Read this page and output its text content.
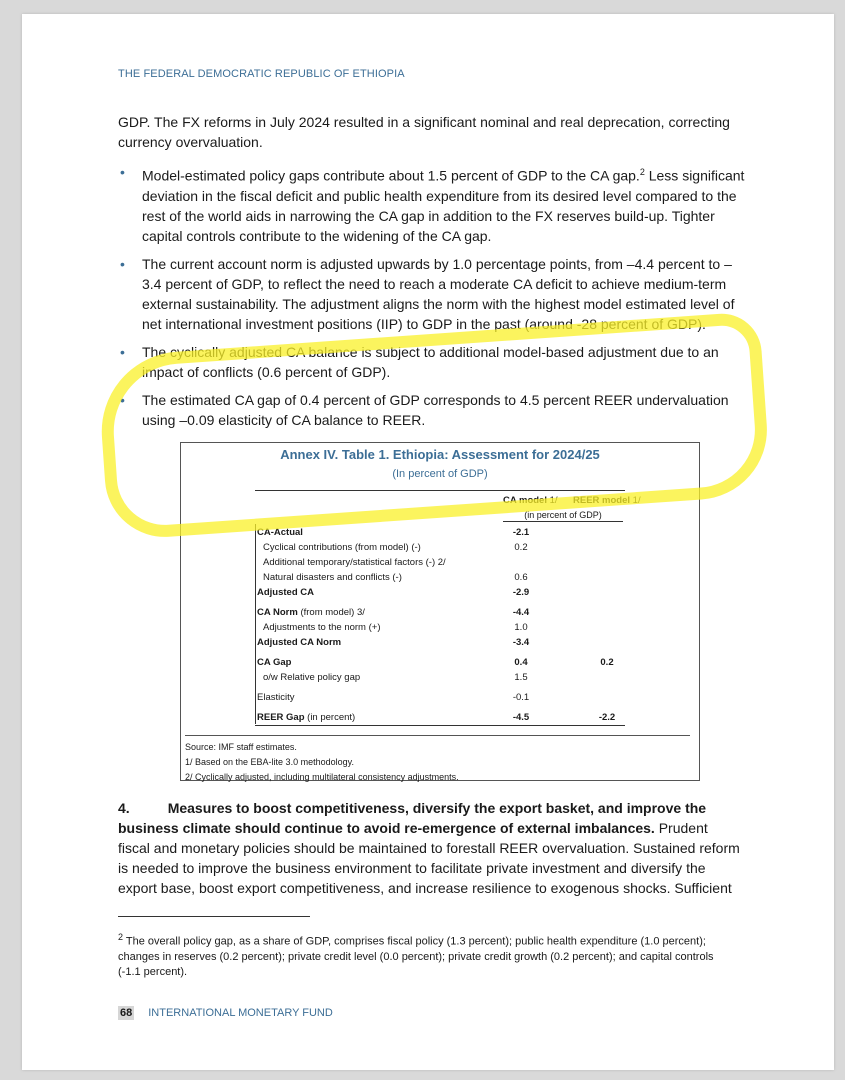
THE FEDERAL DEMOCRATIC REPUBLIC OF ETHIOPIA
GDP. The FX reforms in July 2024 resulted in a significant nominal and real deprecation, correcting currency overvaluation.
• Model-estimated policy gaps contribute about 1.5 percent of GDP to the CA gap.$^2$ Less significant deviation in the fiscal deficit and public health expenditure from its desired level compared to the rest of the world aids in narrowing the CA gap in addition to the FX reserves build-up. Tighter capital controls contribute to the widening of the CA gap.
• The current account norm is adjusted upwards by 1.0 percentage points, from –4.4 percent to –3.4 percent of GDP, to reflect the need to reach a moderate CA deficit to achieve medium-term external sustainability. The adjustment aligns the norm with the highest model estimated level of net international investment positions (IIP) to GDP in the past (around -28 percent of GDP).
• The cyclically adjusted CA balance is subject to additional model-based adjustment due to an impact of conflicts (0.6 percent of GDP).
• The estimated CA gap of 0.4 percent of GDP corresponds to 4.5 percent REER undervaluation using –0.09 elasticity of CA balance to REER.
Annex IV. Table 1. Ethiopia: Assessment for 2024/25
(In percent of GDP)
CA model 1/ REER model 1/
(in percent of GDP)
CA-Actual	-2.1
Cyclical contributions (from model) (-)	0.2
Additional temporary/statistical factors (-) 2/
Natural disasters and conflicts (-)	0.6
Adjusted CA	-2.9
CA Norm (from model) 3/	-4.4
Adjustments to the norm (+)	1.0
Adjusted CA Norm	-3.4
CA Gap	0.4	0.2
o/w Relative policy gap	1.5
Elasticity	-0.1
REER Gap (in percent)	-4.5	-2.2
Source: IMF staff estimates.
1/ Based on the EBA-lite 3.0 methodology.
2/ Cyclically adjusted, including multilateral consistency adjustments.
4.	Measures to boost competitiveness, diversify the export basket, and improve the business climate should continue to avoid re-emergence of external imbalances. Prudent fiscal and monetary policies should be maintained to forestall REER overvaluation. Sustained reform is needed to improve the business environment to facilitate private investment and diversify the export base, boost export competitiveness, and increase resilience to exogenous shocks. Sufficient
$^2$ The overall policy gap, as a share of GDP, comprises fiscal policy (1.3 percent); public health expenditure (1.0 percent); changes in reserves (0.2 percent); private credit level (0.0 percent); private credit growth (0.2 percent); and capital controls (-1.1 percent).
68 INTERNATIONAL MONETARY FUND
